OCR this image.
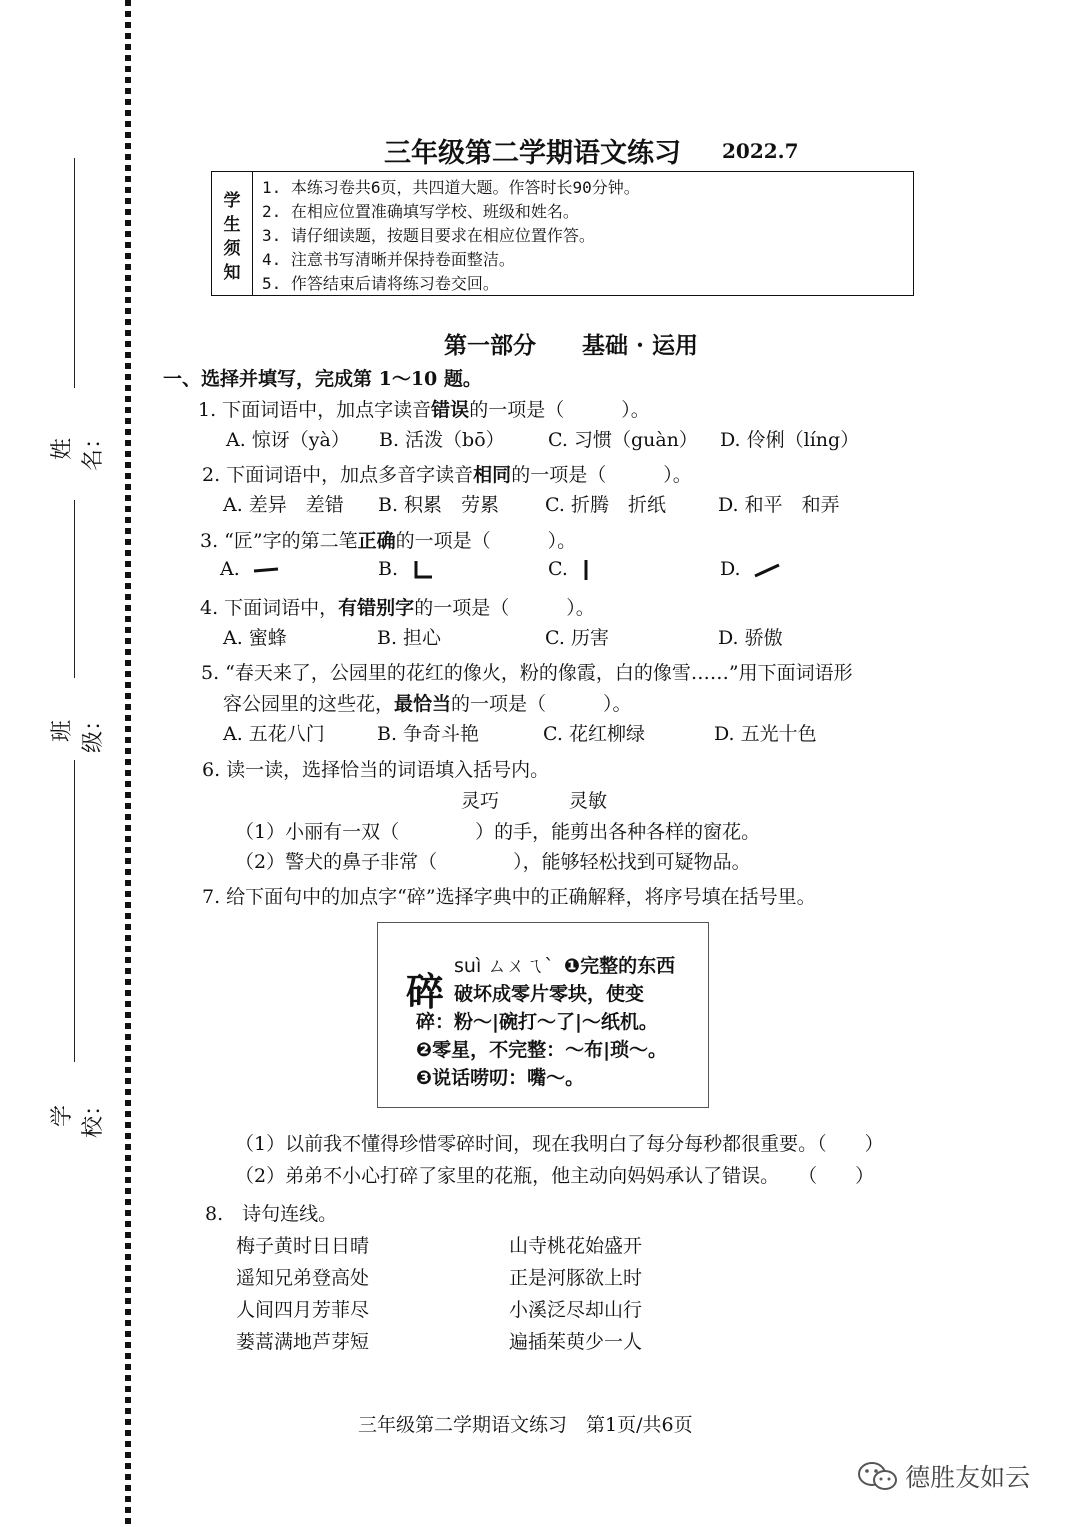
姓名：
班级：
学校：
三年级第二学期语文练习 2022.7
学
生
须
知
1. 本练习卷共6页，共四道大题。作答时长90分钟。
2. 在相应位置准确填写学校、班级和姓名。
3. 请仔细读题，按题目要求在相应位置作答。
4. 注意书写清晰并保持卷面整洁。
5. 作答结束后请将练习卷交回。
第一部分　　基础 · 运用
一、选择并填写，完成第 1～10 题。
1. 下面词语中，加点字读音错误的一项是（　　　）。
A. 惊讶（yà） B. 活泼（bō） C. 习惯（guàn） D. 伶俐（líng）
2. 下面词语中，加点多音字读音相同的一项是（　　　）。
A. 差异　差错 B. 积累　劳累 C. 折腾　折纸	D. 和平　和弄
3. “匠”字的第二笔正确的一项是（　　　）。
A.	B.	C.	D.
4. 下面词语中，有错别字的一项是（　　　）。
A. 蜜蜂	B. 担心	C. 历害	D. 骄傲
5. “春天来了，公园里的花红的像火，粉的像霞，白的像雪……”用下面词语形
容公园里的这些花，最恰当的一项是（　　　）。
A. 五花八门	B. 争奇斗艳	C. 花红柳绿	D. 五光十色
6. 读一读，选择恰当的词语填入括号内。
灵巧	灵敏
（1）小丽有一双（　　　　）的手，能剪出各种各样的窗花。
（2）警犬的鼻子非常（　　　　），能够轻松找到可疑物品。
7. 给下面句中的加点字“碎”选择字典中的正确解释，将序号填在括号里。
碎
suì ㄙㄨㄟˋ ❶完整的东西
破坏成零片零块，使变
碎：粉～|碗打～了|～纸机。
❷零星，不完整：～布|琐～。
❸说话唠叨：嘴～。
（1）以前我不懂得珍惜零碎时间，现在我明白了每分每秒都很重要。（　　）
（2）弟弟不小心打碎了家里的花瓶，他主动向妈妈承认了错误。　　（　　）
8.　诗句连线。
梅子黄时日日晴
遥知兄弟登高处
人间四月芳菲尽
蒌蒿满地芦芽短
山寺桃花始盛开
正是河豚欲上时
小溪泛尽却山行
遍插茱萸少一人
三年级第二学期语文练习　第1页/共6页
德胜友如云
